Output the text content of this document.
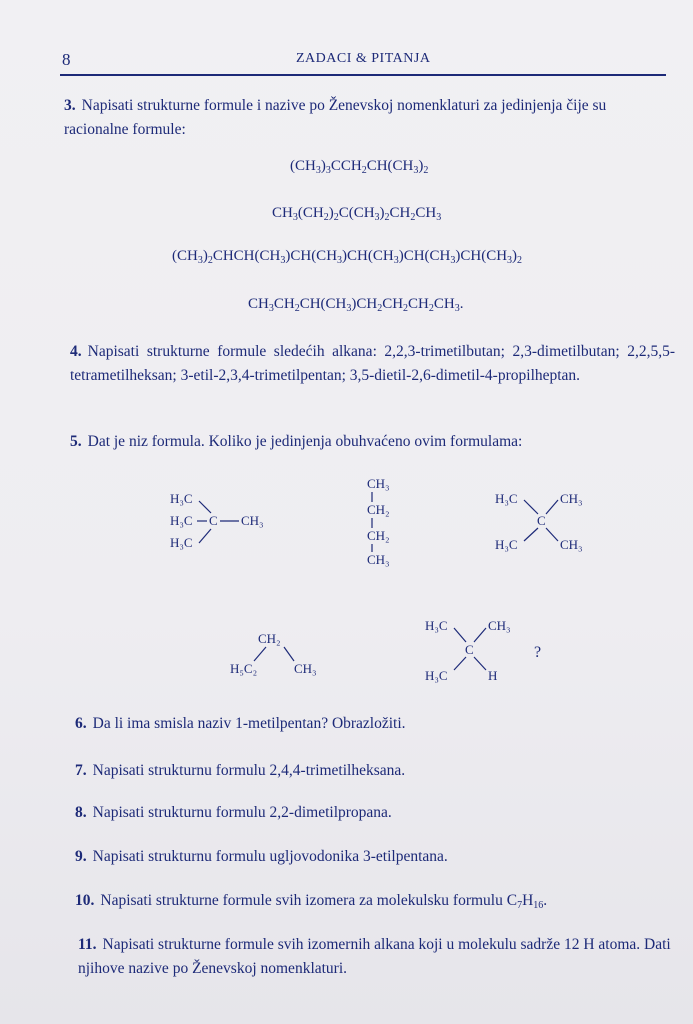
8	ZADACI & PITANJA
3. Napisati strukturne formule i nazive po Ženevskoj nomenklaturi za jedinjenja čije su racionalne formule:
$(CH_3)_3CCH_2CH(CH_3)_2$
$CH_3(CH_2)_2C(CH_3)_2CH_2CH_3$
$(CH_3)_2CHCH(CH_3)CH(CH_3)CH(CH_3)CH(CH_3)CH(CH_3)_2$
$CH_3CH_2CH(CH_3)CH_2CH_2CH_2CH_3$.
4. Napisati strukturne formule sledećih alkana: 2,2,3-trimetilbutan; 2,3-dimetilbutan; 2,2,5,5-tetrametilheksan; 3-etil-2,3,4-trimetilpentan; 3,5-dietil-2,6-dimetil-4-propilheptan.
5. Dat je niz formula. Koliko je jedinjenja obuhvaćeno ovim formulama:
H₃C
H₃C C CH₃
H₃C
CH₃
CH₂
CH₂
CH₃
H₃C	CH₃
C
H₃C	CH₃
CH₂
H₅C₂	CH₃
H₃C	CH₃
C
H₃C	H
?
6. Da li ima smisla naziv 1-metilpentan? Obrazložiti.
7. Napisati strukturnu formulu 2,4,4-trimetilheksana.
8. Napisati strukturnu formulu 2,2-dimetilpropana.
9. Napisati strukturnu formulu ugljovodonika 3-etilpentana.
10. Napisati strukturne formule svih izomera za molekulsku formulu $C_7H_{16}$.
11. Napisati strukturne formule svih izomernih alkana koji u molekulu sadrže 12 H atoma. Dati njihove nazive po Ženevskoj nomenklaturi.
